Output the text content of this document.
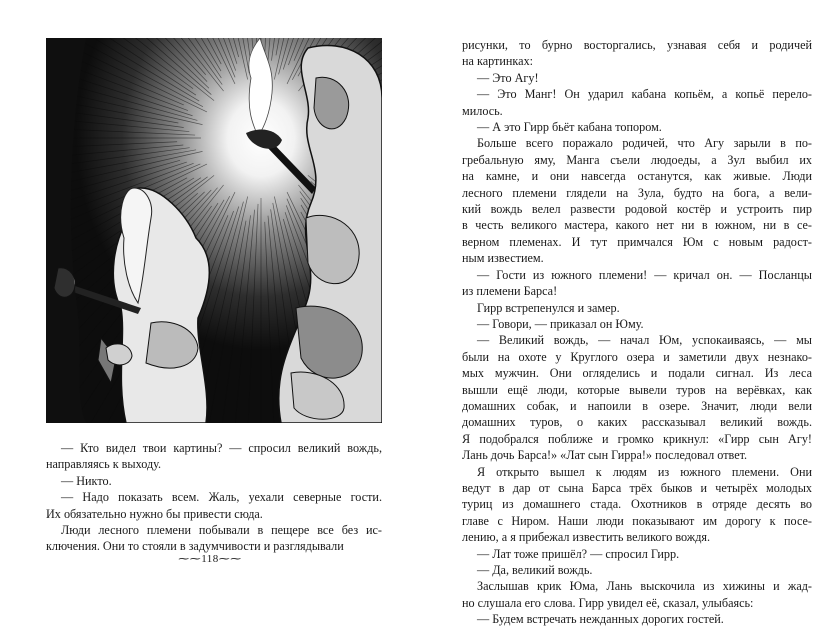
— Кто видел твои картины? — спросил великий вождь,
направляясь к выходу.
— Никто.
— Надо показать всем. Жаль, уехали северные гости.
Их обязательно нужно бы привести сюда.
Люди лесного племени побывали в пещере все без ис-
ключения. Они то стояли в задумчивости и разглядывали
⁓⁓118⁓⁓
рисунки, то бурно восторгались, узнавая себя и родичей
на картинках:
— Это Агу!
— Это Манг! Он ударил кабана копьём, а копьё перело-
милось.
— А это Гирр бьёт кабана топором.
Больше всего поражало родичей, что Агу зарыли в по-
гребальную яму, Манга съели людоеды, а Зул выбил их
на камне, и они навсегда останутся, как живые. Люди
лесного племени глядели на Зула, будто на бога, а вели-
кий вождь велел развести родовой костёр и устроить пир
в честь великого мастера, какого нет ни в южном, ни в се-
верном племенах. И тут примчался Юм с новым радост-
ным известием.
— Гости из южного племени! — кричал он. — Посланцы
из племени Барса!
Гирр встрепенулся и замер.
— Говори, — приказал он Юму.
— Великий вождь, — начал Юм, успокаиваясь, — мы
были на охоте у Круглого озера и заметили двух незнако-
мых мужчин. Они огляделись и подали сигнал. Из леса
вышли ещё люди, которые вывели туров на верёвках, как
домашних собак, и напоили в озере. Значит, люди вели
домашних туров, о каких рассказывал великий вождь.
Я подобрался поближе и громко крикнул: «Гирр сын Агу!
Лань дочь Барса!» «Лат сын Гирра!» последовал ответ.
Я открыто вышел к людям из южного племени. Они
ведут в дар от сына Барса трёх быков и четырёх молодых
туриц из домашнего стада. Охотников в отряде десять во
главе с Ниром. Наши люди показывают им дорогу к посе-
лению, а я прибежал известить великого вождя.
— Лат тоже пришёл? — спросил Гирр.
— Да, великий вождь.
Заслышав крик Юма, Лань выскочила из хижины и жад-
но слушала его слова. Гирр увидел её, сказал, улыбаясь:
— Будем встречать нежданных дорогих гостей.
